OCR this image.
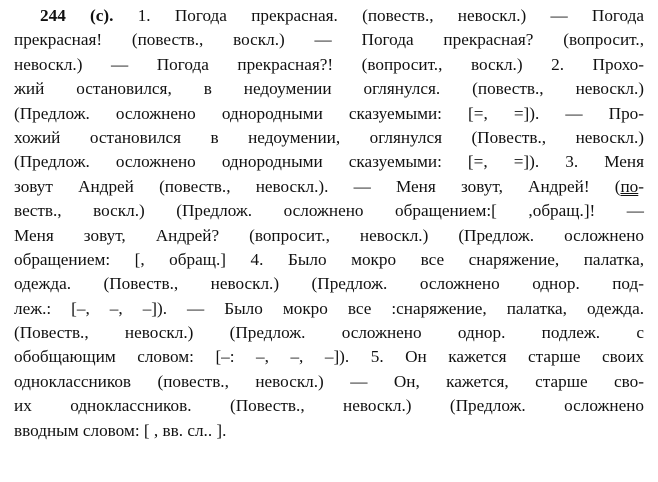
244 (с). 1. Погода прекрасная. (повеств., невоскл.) — Погода
прекрасная! (повеств., воскл.) — Погода прекрасная? (вопросит.,
невоскл.) — Погода прекрасная?! (вопросит., воскл.) 2. Прохо-
жий остановился, в недоумении оглянулся. (повеств., невоскл.)
(Предлож. осложнено однородными сказуемыми: [=, =]). — Про-
хожий остановился в недоумении, оглянулся (Повеств., невоскл.)
(Предлож. осложнено однородными сказуемыми: [=, =]). 3. Меня
зовут Андрей (повеств., невоскл.). — Меня зовут, Андрей! (по-
вeств., воскл.) (Предлож. осложнено обращением:[ ,обращ.]! —
Меня зовут, Андрей? (вопросит., невоскл.) (Предлож. осложнено
обращением: [, обращ.] 4. Было мокро все снаряжение, палатка,
одежда. (Повеств., невоскл.) (Предлож. осложнено однор. под-
леж.: [–, –, –]). — Было мокро все :снаряжение, палатка, одежда.
(Повеств., невоскл.) (Предлож. осложнено однор. подлеж. с
обобщающим словом: [–: –, –, –]). 5. Он кажется старше своих
одноклассников (повеств., невоскл.) — Он, кажется, старше сво-
их одноклассников. (Повеств., невоскл.) (Предлож. осложнено
вводным словом: [ , вв. сл.. ].
